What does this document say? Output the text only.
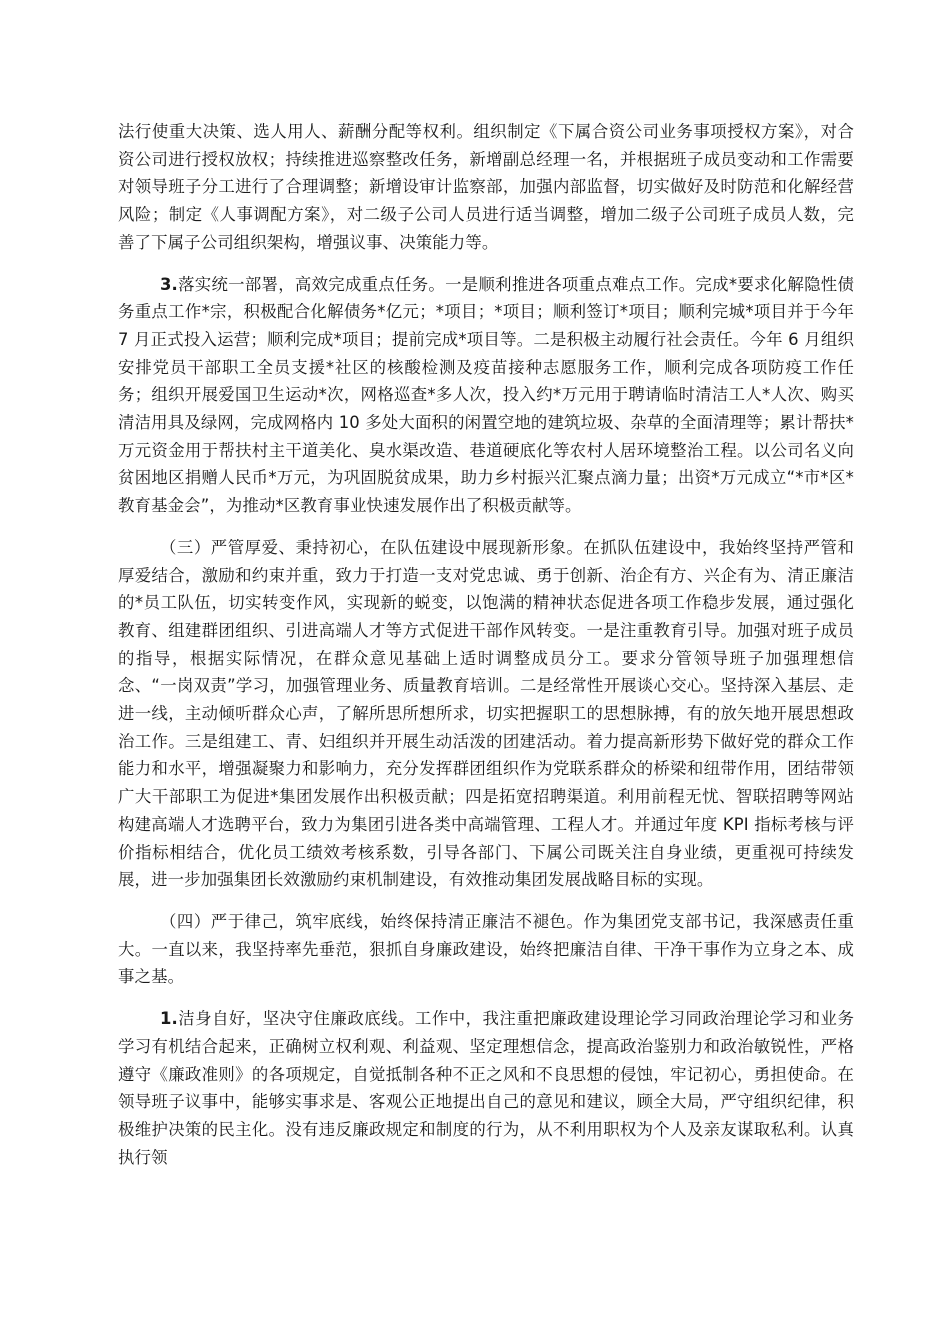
法行使重大决策、选人用人、薪酬分配等权利。组织制定《下属合资公司业务事项授权方案》，对合资公司进行授权放权；持续推进巡察整改任务，新增副总经理一名，并根据班子成员变动和工作需要对领导班子分工进行了合理调整；新增设审计监察部，加强内部监督，切实做好及时防范和化解经营风险；制定《人事调配方案》，对二级子公司人员进行适当调整，增加二级子公司班子成员人数，完善了下属子公司组织架构，增强议事、决策能力等。

3.落实统一部署，高效完成重点任务。一是顺利推进各项重点难点工作。完成*要求化解隐性债务重点工作*宗，积极配合化解债务*亿元；*项目；*项目；顺利签订*项目；顺利完城*项目并于今年 7 月正式投入运营；顺利完成*项目；提前完成*项目等。二是积极主动履行社会责任。今年 6 月组织安排党员干部职工全员支援*社区的核酸检测及疫苗接种志愿服务工作，顺利完成各项防疫工作任务；组织开展爱国卫生运动*次，网格巡查*多人次，投入约*万元用于聘请临时清洁工人*人次、购买清洁用具及绿网，完成网格内 10 多处大面积的闲置空地的建筑垃圾、杂草的全面清理等；累计帮扶*万元资金用于帮扶村主干道美化、臭水渠改造、巷道硬底化等农村人居环境整治工程。以公司名义向贫困地区捐赠人民币*万元，为巩固脱贫成果，助力乡村振兴汇聚点滴力量；出资*万元成立“*市*区*教育基金会”，为推动*区教育事业快速发展作出了积极贡献等。

（三）严管厚爱、秉持初心，在队伍建设中展现新形象。在抓队伍建设中，我始终坚持严管和厚爱结合，激励和约束并重，致力于打造一支对党忠诚、勇于创新、治企有方、兴企有为、清正廉洁的*员工队伍，切实转变作风，实现新的蜕变，以饱满的精神状态促进各项工作稳步发展，通过强化教育、组建群团组织、引进高端人才等方式促进干部作风转变。一是注重教育引导。加强对班子成员的指导，根据实际情况，在群众意见基础上适时调整成员分工。要求分管领导班子加强理想信念、“一岗双责”学习，加强管理业务、质量教育培训。二是经常性开展谈心交心。坚持深入基层、走进一线，主动倾听群众心声，了解所思所想所求，切实把握职工的思想脉搏，有的放矢地开展思想政治工作。三是组建工、青、妇组织并开展生动活泼的团建活动。着力提高新形势下做好党的群众工作能力和水平，增强凝聚力和影响力，充分发挥群团组织作为党联系群众的桥梁和纽带作用，团结带领广大干部职工为促进*集团发展作出积极贡献；四是拓宽招聘渠道。利用前程无忧、智联招聘等网站构建高端人才选聘平台，致力为集团引进各类中高端管理、工程人才。并通过年度 KPI 指标考核与评价指标相结合，优化员工绩效考核系数，引导各部门、下属公司既关注自身业绩，更重视可持续发展，进一步加强集团长效激励约束机制建设，有效推动集团发展战略目标的实现。

（四）严于律己，筑牢底线，始终保持清正廉洁不褪色。作为集团党支部书记，我深感责任重大。一直以来，我坚持率先垂范，狠抓自身廉政建设，始终把廉洁自律、干净干事作为立身之本、成事之基。

1.洁身自好，坚决守住廉政底线。工作中，我注重把廉政建设理论学习同政治理论学习和业务学习有机结合起来，正确树立权利观、利益观、坚定理想信念，提高政治鉴别力和政治敏锐性，严格遵守《廉政准则》的各项规定，自觉抵制各种不正之风和不良思想的侵蚀，牢记初心，勇担使命。在领导班子议事中，能够实事求是、客观公正地提出自己的意见和建议，顾全大局，严守组织纪律，积极维护决策的民主化。没有违反廉政规定和制度的行为，从不利用职权为个人及亲友谋取私利。认真执行领
